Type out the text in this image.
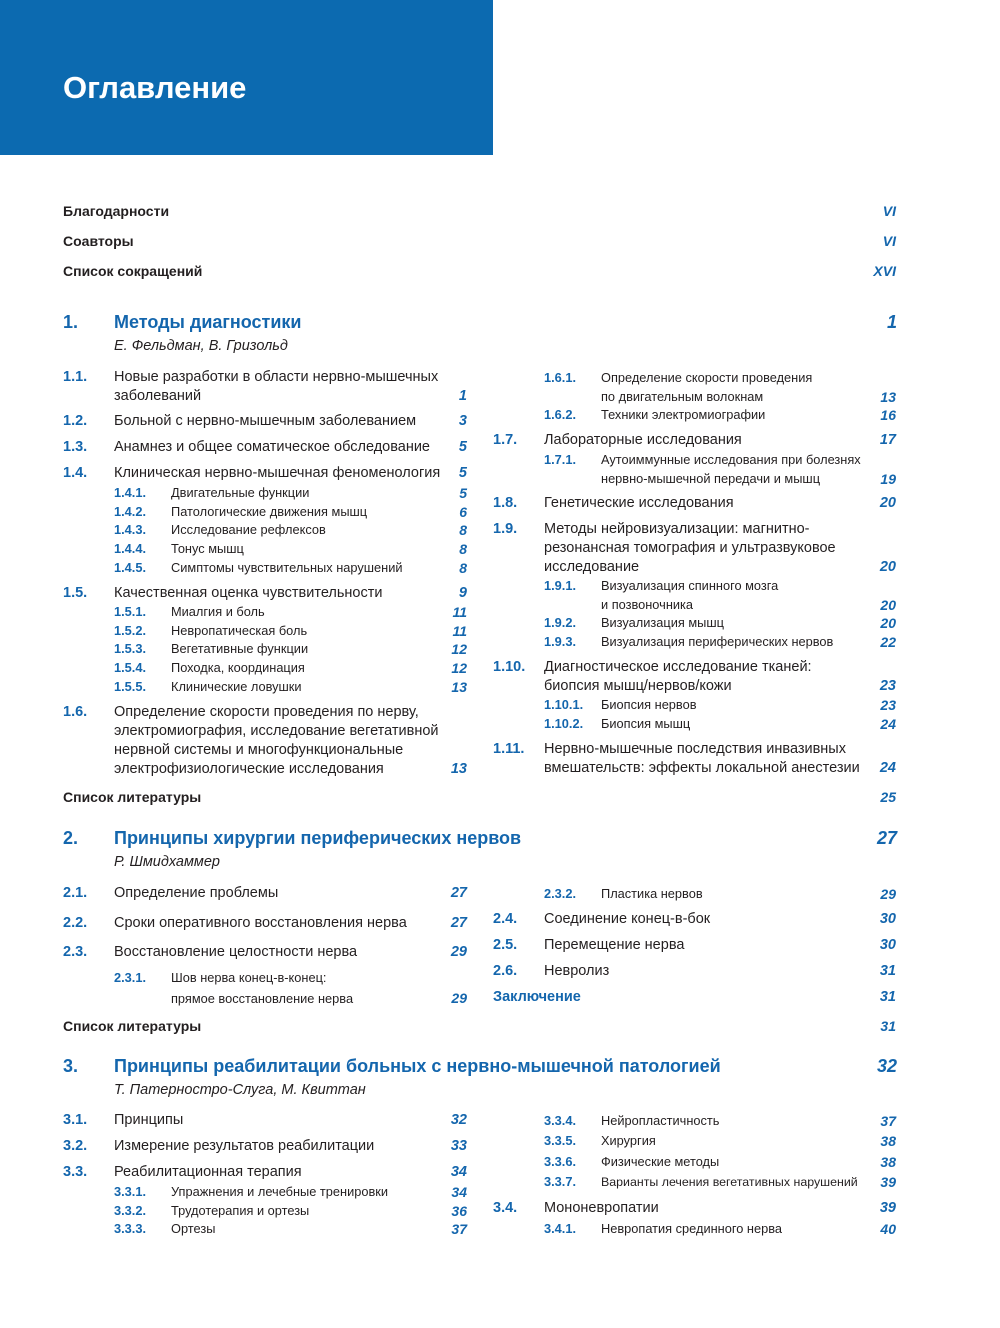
Оглавление
Благодарности	VI
Соавторы	VI
Список сокращений	XVI
1. Методы диагностики	1
Е. Фельдман, В. Гризольд
1.1. Новые разработки в области нервно-мышечных
заболеваний	1
1.2. Больной с нервно-мышечным заболеванием	3
1.3. Анамнез и общее соматическое обследование 5
1.4. Клиническая нервно-мышечная феноменология 5
1.4.1. Двигательные функции	5
1.4.2. Патологические движения мышц	6
1.4.3. Исследование рефлексов	8
1.4.4. Тонус мышц	8
1.4.5. Симптомы чувствительных нарушений	8
1.5. Качественная оценка чувствительности	9
1.5.1. Миалгия и боль	11
1.5.2. Невропатическая боль	11
1.5.3. Вегетативные функции	12
1.5.4. Походка, координация	12
1.5.5. Клинические ловушки	13
1.6. Определение скорости проведения по нерву,
электромиография, исследование вегетативной
нервной системы и многофункциональные
электрофизиологические исследования	13
1.6.1. Определение скорости проведения
по двигательным волокнам	13
1.6.2. Техники электромиографии	16
1.7. Лабораторные исследования	17
1.7.1. Аутоиммунные исследования при болезнях
нервно-мышечной передачи и мышц	19
1.8. Генетические исследования	20
1.9. Методы нейровизуализации: магнитно-
резонансная томография и ультразвуковое
исследование	20
1.9.1. Визуализация спинного мозга
и позвоночника	20
1.9.2. Визуализация мышц	20
1.9.3. Визуализация периферических нервов	22
1.10. Диагностическое исследование тканей:
биопсия мышц/нервов/кожи	23
1.10.1. Биопсия нервов	23
1.10.2. Биопсия мышц	24
1.11. Нервно-мышечные последствия инвазивных
вмешательств: эффекты локальной анестезии 24
Список литературы	25
2. Принципы хирургии периферических нервов	27
Р. Шмидхаммер
2.1. Определение проблемы	27
2.2. Сроки оперативного восстановления нерва	27
2.3. Восстановление целостности нерва	29
2.3.1. Шов нерва конец-в-конец:
прямое восстановление нерва	29
2.3.2. Пластика нервов	29
2.4. Соединение конец-в-бок	30
2.5. Перемещение нерва	30
2.6. Невролиз	31
Заключение	31
Список литературы	31
3. Принципы реабилитации больных с нервно-мышечной патологией	32
Т. Патерностро-Слуга, М. Квиттан
3.1. Принципы	32
3.2. Измерение результатов реабилитации	33
3.3. Реабилитационная терапия	34
3.3.1. Упражнения и лечебные тренировки	34
3.3.2. Трудотерапия и ортезы	36
3.3.3. Ортезы	37
3.3.4. Нейропластичность	37
3.3.5. Хирургия	38
3.3.6. Физические методы	38
3.3.7. Варианты лечения вегетативных нарушений 39
3.4. Мононевропатии	39
3.4.1. Невропатия срединного нерва	40
